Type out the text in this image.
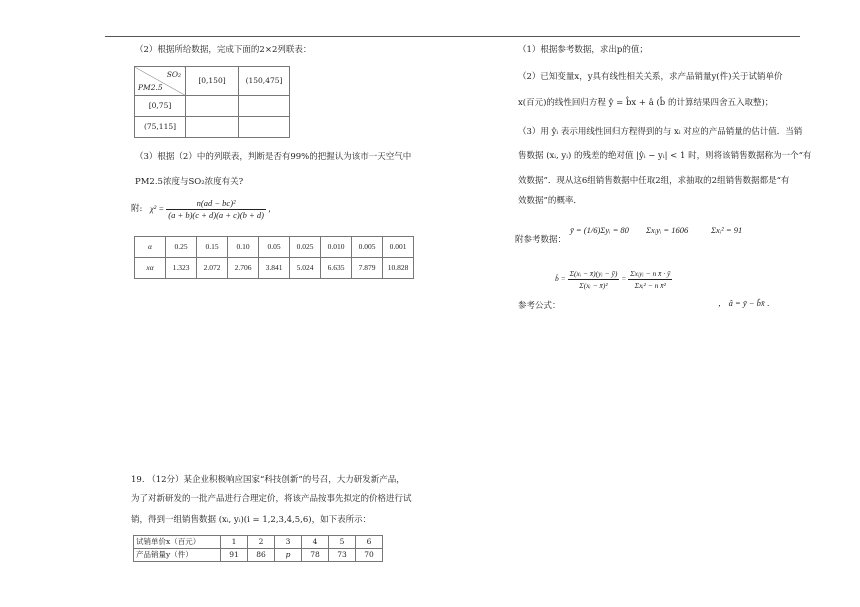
（2）根据所给数据，完成下面的2×2列联表：
SO₂
PM2.5	[0,150]	(150,475]
[0,75]		
(75,115]		
（3）根据（2）中的列联表，判断是否有99%的把握认为该市一天空气中
PM2.5浓度与SO₂浓度有关?
附: $\chi^2 = \frac{\text{n(ad − bc)²}}{(a + b)(c + d)(a + c)(b + d)}$ ，
α	0.25	0.15	0.10	0.05	0.025	0.010	0.005	0.001
xα	1.323	2.072	2.706	3.841	5.024	6.635	7.879	10.828
19. （12分）某企业积极响应国家“科技创新”的号召，大力研发新产品，
为了对新研发的一批产品进行合理定价，将该产品按事先拟定的价格进行试
销，得到一组销售数据 (xᵢ, yᵢ)(i = 1,2,3,4,5,6)，如下表所示：
试销单价x（百元）	1	2	3	4	5	6
产品销量y（件）	91	86	p	78	73	70
（1）根据参考数据，求出p的值；
（2）已知变量x，y具有线性相关关系，求产品销量y(件)关于试销单价
x(百元)的线性回归方程 ŷ = b̂x + â (b̂ 的计算结果四舍五入取整)；
（3）用 ŷᵢ 表示用线性回归方程得到的与 xᵢ 对应的产品销量的估计值．当销
售数据 (xᵢ, yᵢ) 的残差的绝对值 |ŷᵢ − yᵢ| < 1 时，则将该销售数据称为一个“有
效数据”．现从这6组销售数据中任取2组，求抽取的2组销售数据都是“有
效数据”的概率．
附参考数据：
ȳ = (1/6)Σyᵢ = 80 Σxᵢyᵢ = 1606	Σxᵢ² = 91
b̂ = $\frac{\text{Σ(xᵢ − x̄)(yᵢ − ȳ)}}{\text{Σ(xᵢ − x̄)²}} = \frac{\text{Σxᵢyᵢ − n x̄ · ȳ}}{\text{Σxᵢ² − n x̄²}}$
参考公式：	， â = ȳ − b̂x̄ ．
